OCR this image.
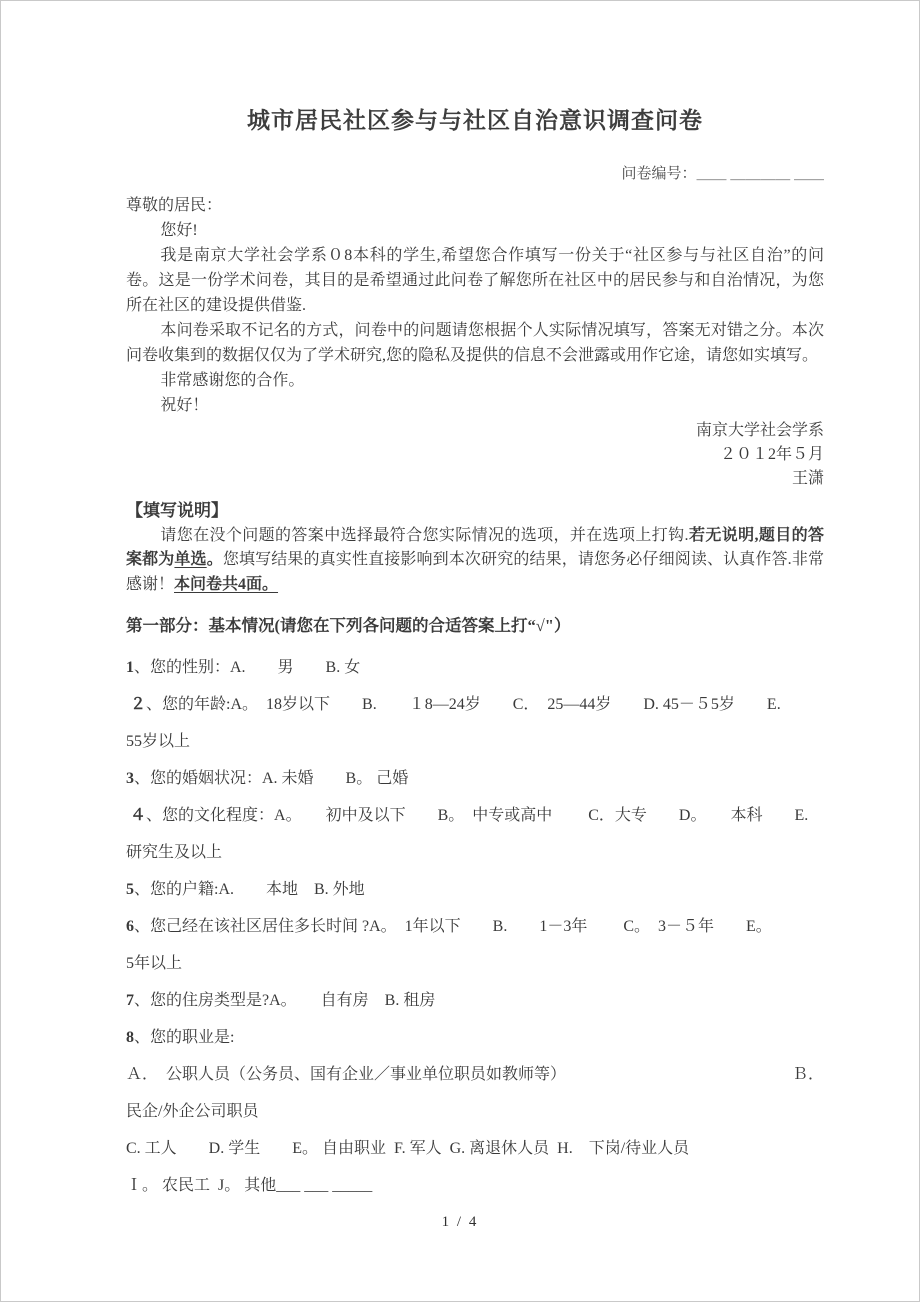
城市居民社区参与与社区自治意识调查问卷
问卷编号：＿＿ ＿＿＿＿ ＿＿

尊敬的居民：

您好!

我是南京大学社会学系０8本科的学生,希望您合作填写一份关于“社区参与与社区自治”的问卷。这是一份学术问卷，其目的是希望通过此问卷了解您所在社区中的居民参与和自治情况，为您所在社区的建设提供借鉴.

本问卷采取不记名的方式，问卷中的问题请您根据个人实际情况填写，答案无对错之分。本次问卷收集到的数据仅仅为了学术研究,您的隐私及提供的信息不会泄露或用作它途，请您如实填写。

非常感谢您的合作。

祝好！

南京大学社会学系
２０１2年５月
王潇
【填写说明】

请您在没个问题的答案中选择最符合您实际情况的选项，并在选项上打钩.若无说明,题目的答案都为单选。您填写结果的真实性直接影响到本次研究的结果，请您务必仔细阅读、认真作答.非常感谢！本问卷共4面。

第一部分：基本情况(请您在下列各问题的合适答案上打“√"）
1、您的性别：A.　　男　　B. 女
２、您的年龄:A。　18岁以下　　B.　　１8—24岁　　C．　25—44岁　　D. 45－５5岁　　E.
55岁以上
3、您的婚姻状况：A. 未婚　　B。 己婚
４、您的文化程度：A。　　初中及以下　　B。　中专或高中　　 C．大专　　D。　　本科　　E.
研究生及以上
5、您的户籍:A.　　本地　B. 外地
6、您己经在该社区居住多长时间 ?A。　1年以下　　B.　　1－3年　　 C。　3－５年　　E。
5年以上
7、您的住房类型是?A。　　自有房　B. 租房
8、您的职业是:
Ａ．　公职人员（公务员、国有企业／事业单位职员如教师等）	Ｂ．
民企/外企公司职员
C. 工人　　D. 学生　　E。 自由职业  F. 军人  G. 离退休人员  H.　下岗/待业人员
Ｉ。 农民工  J。 其他___ ___ _____
1 / 4
